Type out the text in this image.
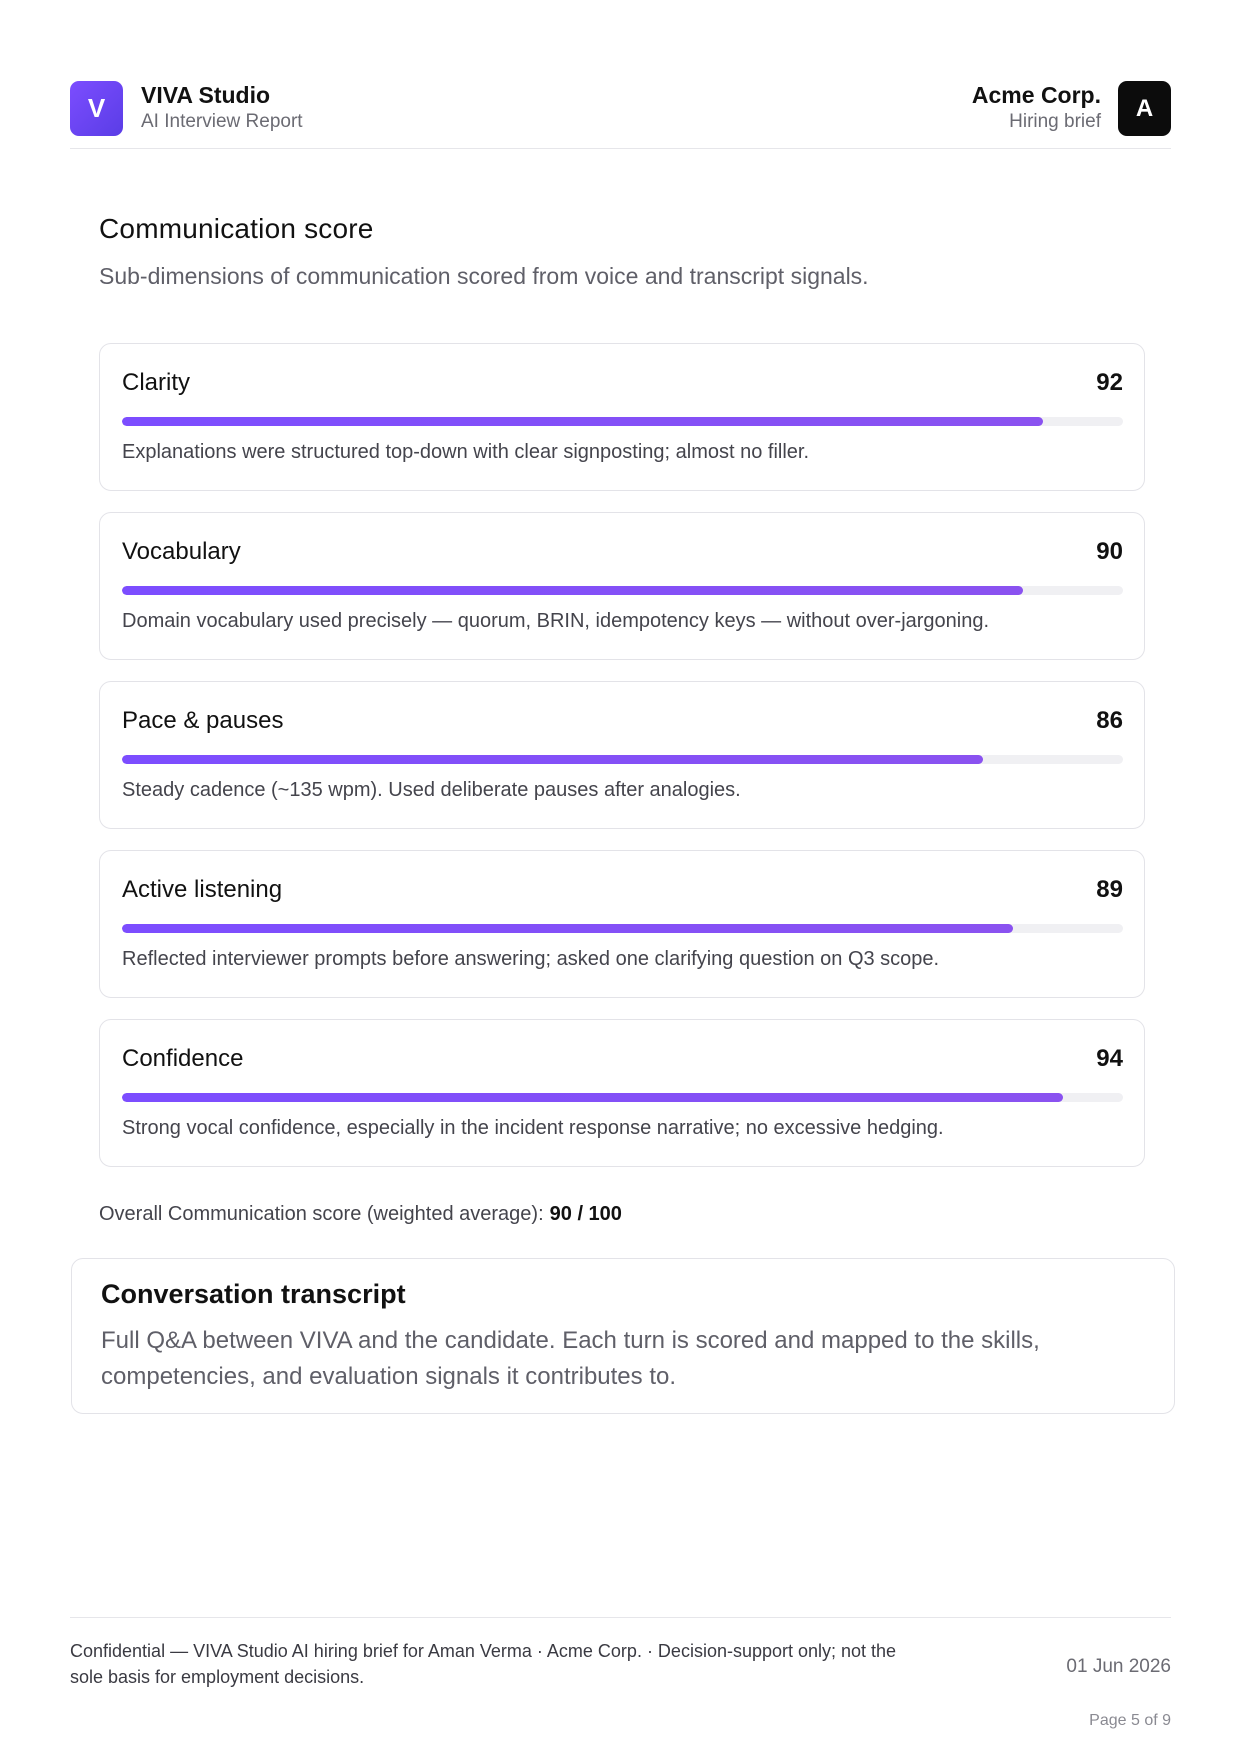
V	VIVA Studio
AI Interview Report
Acme Corp.
Hiring brief	A
Communication score
Sub-dimensions of communication scored from voice and transcript signals.
Clarity	92
Explanations were structured top-down with clear signposting; almost no filler.
Vocabulary	90
Domain vocabulary used precisely — quorum, BRIN, idempotency keys — without over-jargoning.
Pace & pauses	86
Steady cadence (~135 wpm). Used deliberate pauses after analogies.
Active listening	89
Reflected interviewer prompts before answering; asked one clarifying question on Q3 scope.
Confidence	94
Strong vocal confidence, especially in the incident response narrative; no excessive hedging.
Overall Communication score (weighted average): 90 / 100
Conversation transcript
Full Q&A between VIVA and the candidate. Each turn is scored and mapped to the skills, competencies, and evaluation signals it contributes to.
Confidential — VIVA Studio AI hiring brief for Aman Verma · Acme Corp. · Decision-support only; not the sole basis for employment decisions.	01 Jun 2026
Page 5 of 9
